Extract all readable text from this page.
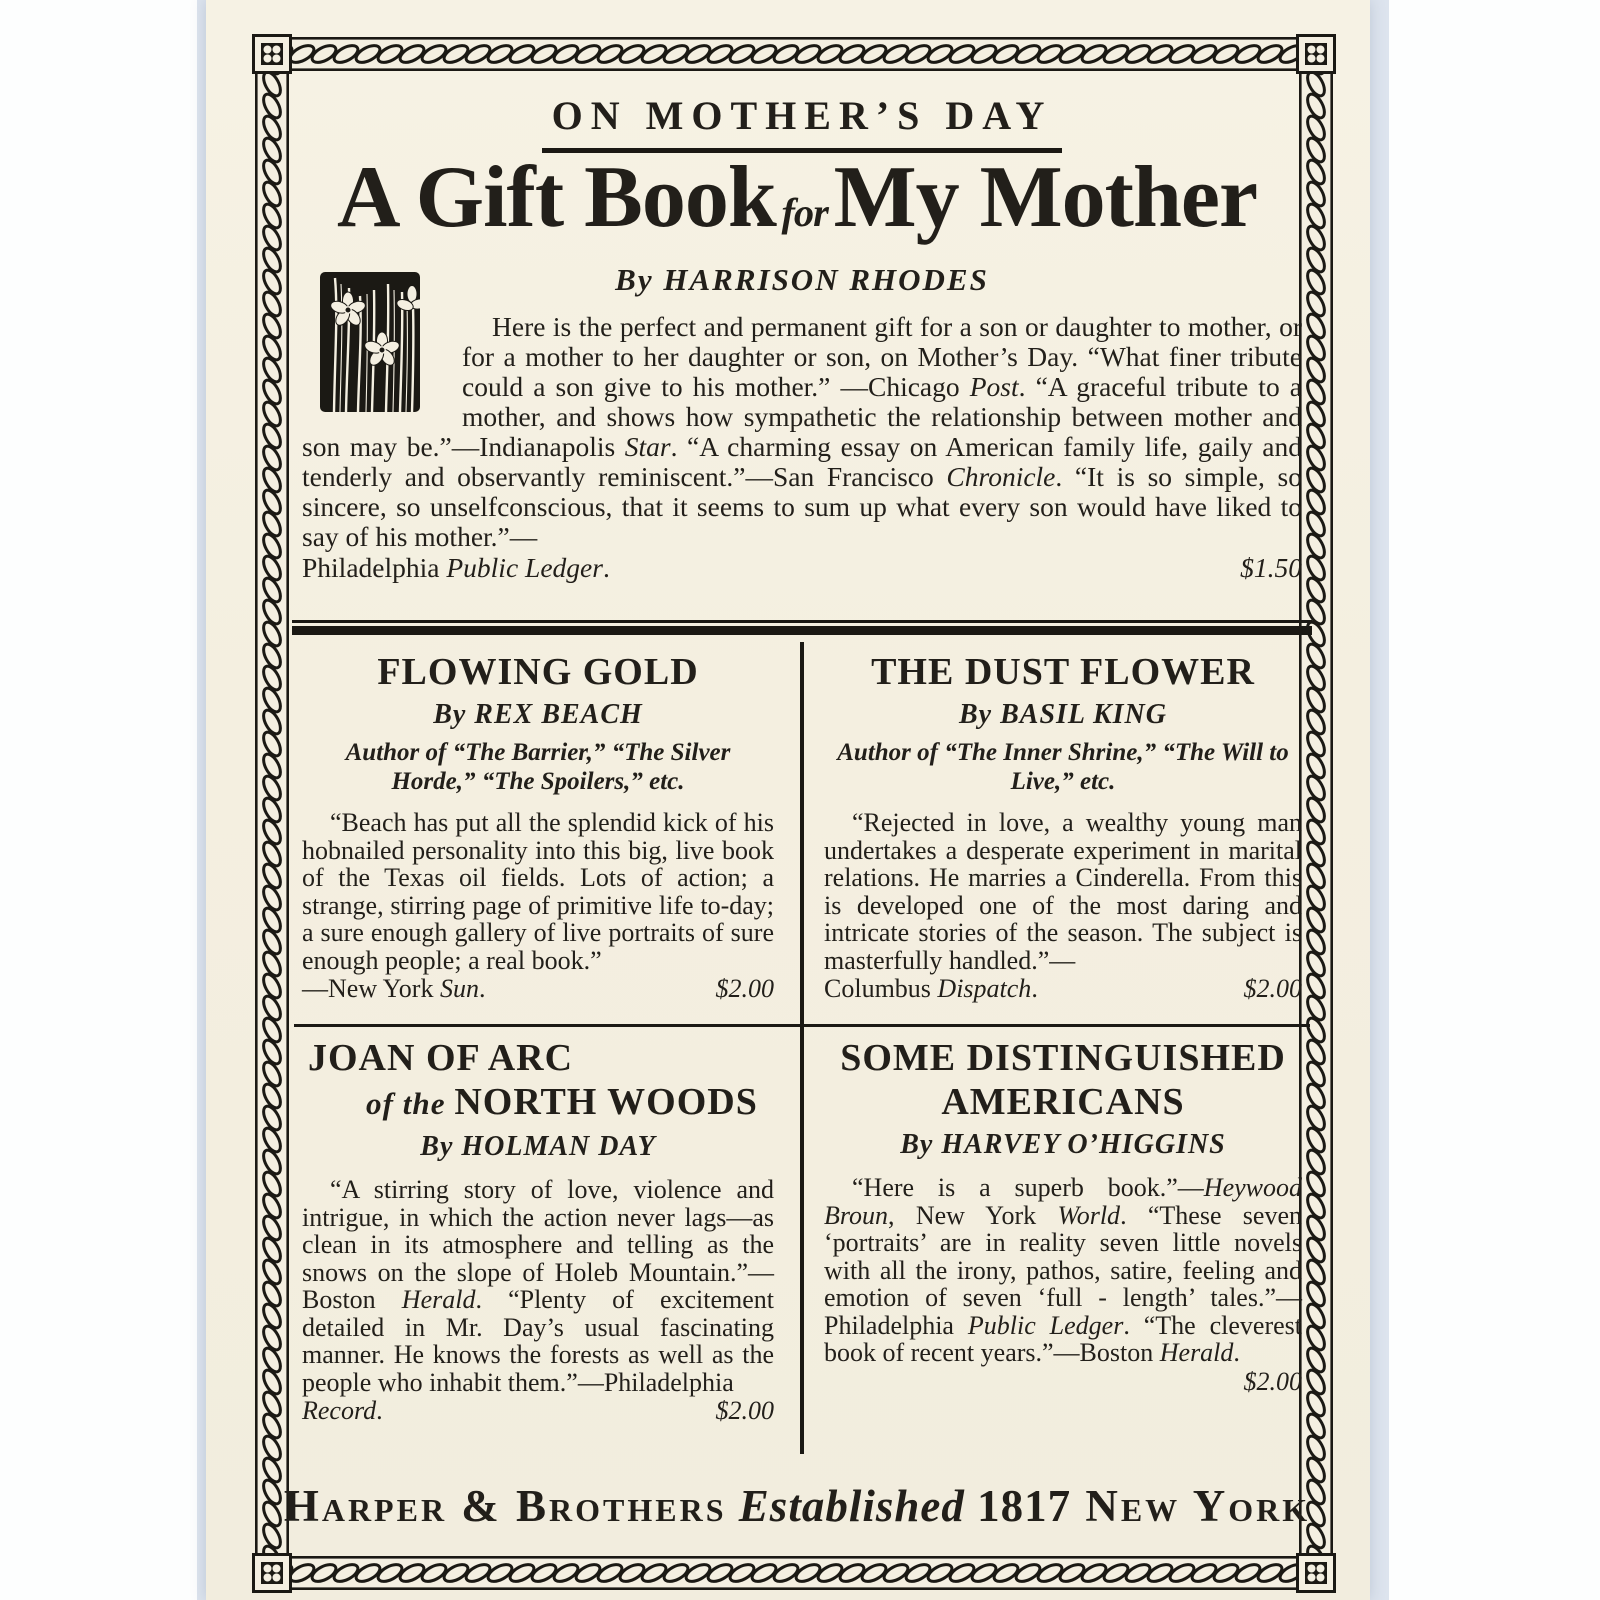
ON MOTHER’S DAY
A Gift Book forMy Mother
By HARRISON RHODES

Here is the perfect and permanent gift for a son or daughter to mother, or for a mother to her daughter or son, on Mother’s Day. “What finer tribute could a son give to his mother.” —Chicago Post. “A graceful tribute to a mother, and shows how sympathetic the relationship between mother and son may be.”—Indianapolis Star. “A charming essay on American family life, gaily and tenderly and observantly reminiscent.”—San Francisco Chronicle. “It is so simple, so sincere, so unselfconscious, that it seems to sum up what every son would have liked to say of his mother.”—

Philadelphia Public Ledger.	$1.50
FLOWING GOLD
By REX BEACH
Author of “The Barrier,” “The Silver Horde,” “The Spoilers,” etc.

“Beach has put all the splendid kick of his hobnailed personality into this big, live book of the Texas oil fields. Lots of action; a strange, stirring page of primitive life to-day; a sure enough gallery of live portraits of sure enough people; a real book.”

—New York Sun.	$2.00
THE DUST FLOWER
By BASIL KING
Author of “The Inner Shrine,” “The Will to Live,” etc.

“Rejected in love, a wealthy young man undertakes a desperate experiment in marital relations. He marries a Cinderella. From this is developed one of the most daring and intricate stories of the season. The subject is masterfully handled.”—

Columbus Dispatch.	$2.00
JOAN OF ARC
of the NORTH WOODS
By HOLMAN DAY

“A stirring story of love, violence and intrigue, in which the action never lags—as clean in its atmosphere and telling as the snows on the slope of Holeb Mountain.”—Boston Herald. “Plenty of excitement detailed in Mr. Day’s usual fascinating manner. He knows the forests as well as the people who inhabit them.”—Philadelphia

Record.	$2.00
SOME DISTINGUISHED
AMERICANS
By HARVEY O’HIGGINS

“Here is a superb book.”—Heywood Broun, New York World. “These seven ‘portraits’ are in reality seven little novels with all the irony, pathos, satire, feeling and emotion of seven ‘full - length’ tales.”— Philadelphia Public Ledger. “The cleverest book of recent years.”—Boston Herald.

$2.00
Harper & Brothers Established 1817 New York
